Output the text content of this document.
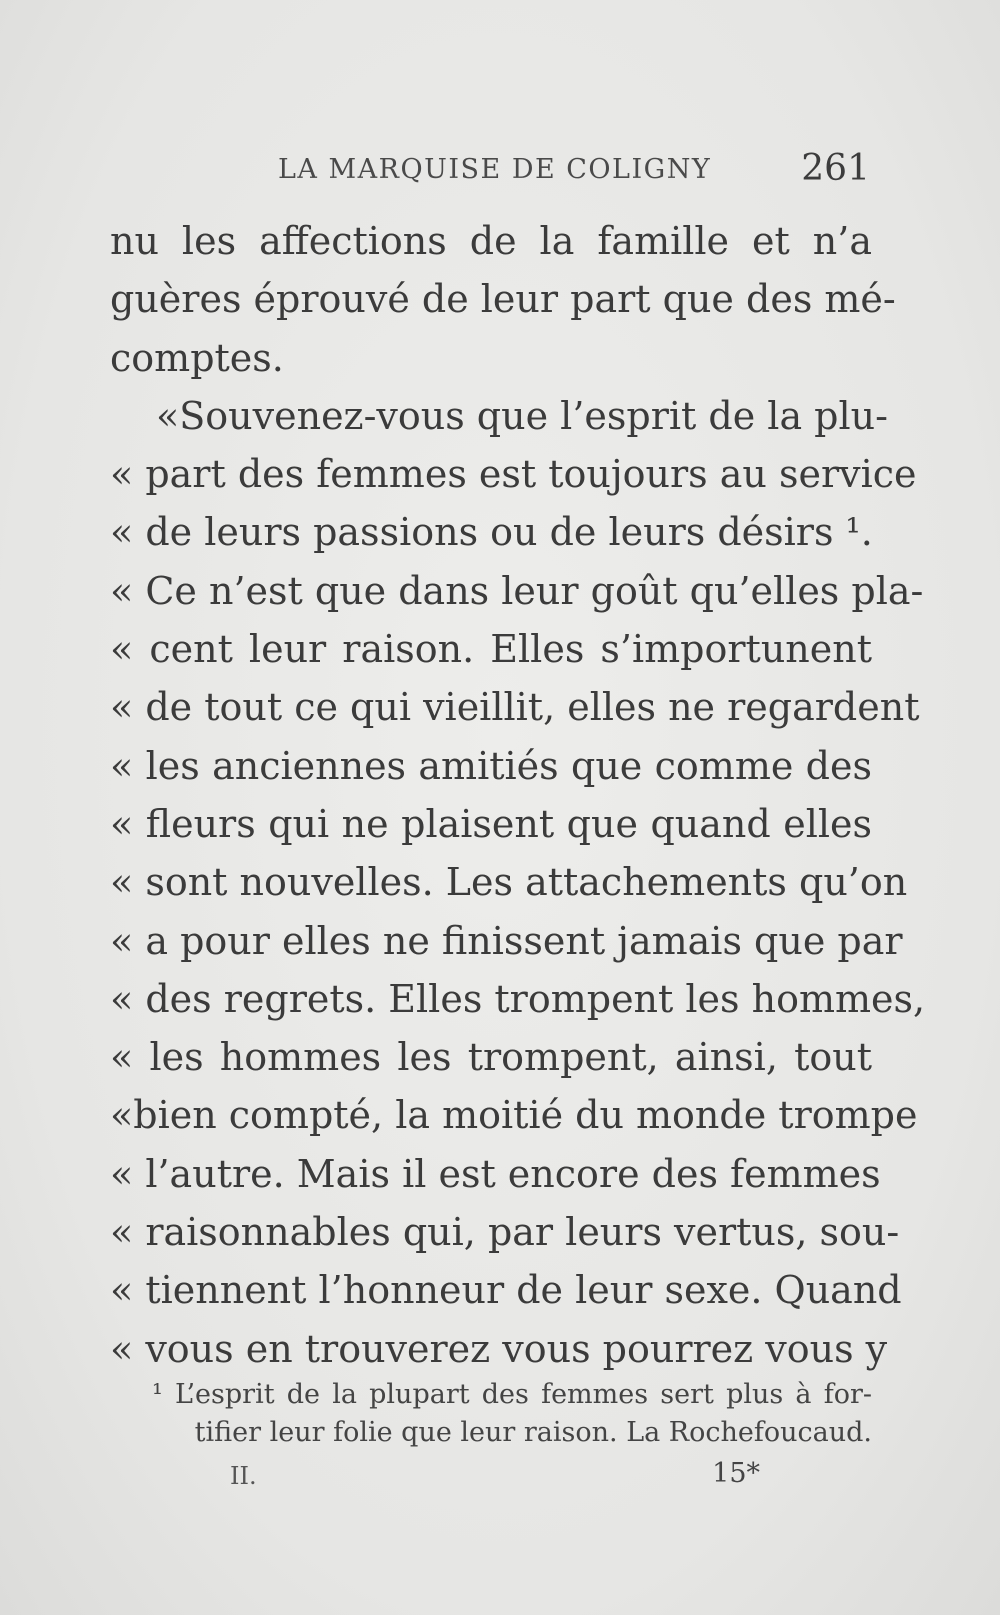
LA MARQUISE DE COLIGNY	261
nu les affections de la famille et n’a
guères éprouvé de leur part que des mé-
comptes.
«Souvenez-vous que l’esprit de la plu-
« part des femmes est toujours au service
« de leurs passions ou de leurs désirs ¹.
« Ce n’est que dans leur goût qu’elles pla-
« cent leur raison. Elles s’importunent
« de tout ce qui vieillit, elles ne regardent
« les anciennes amitiés que comme des
« fleurs qui ne plaisent que quand elles
« sont nouvelles. Les attachements qu’on
« a pour elles ne finissent jamais que par
« des regrets. Elles trompent les hommes,
« les hommes les trompent, ainsi, tout
«bien compté, la moitié du monde trompe
« l’autre. Mais il est encore des femmes
« raisonnables qui, par leurs vertus, sou-
« tiennent l’honneur de leur sexe. Quand
« vous en trouverez vous pourrez vous y
¹ L’esprit de la plupart des femmes sert plus à for-
tifier leur folie que leur raison. La Rochefoucaud.
II.	15*
